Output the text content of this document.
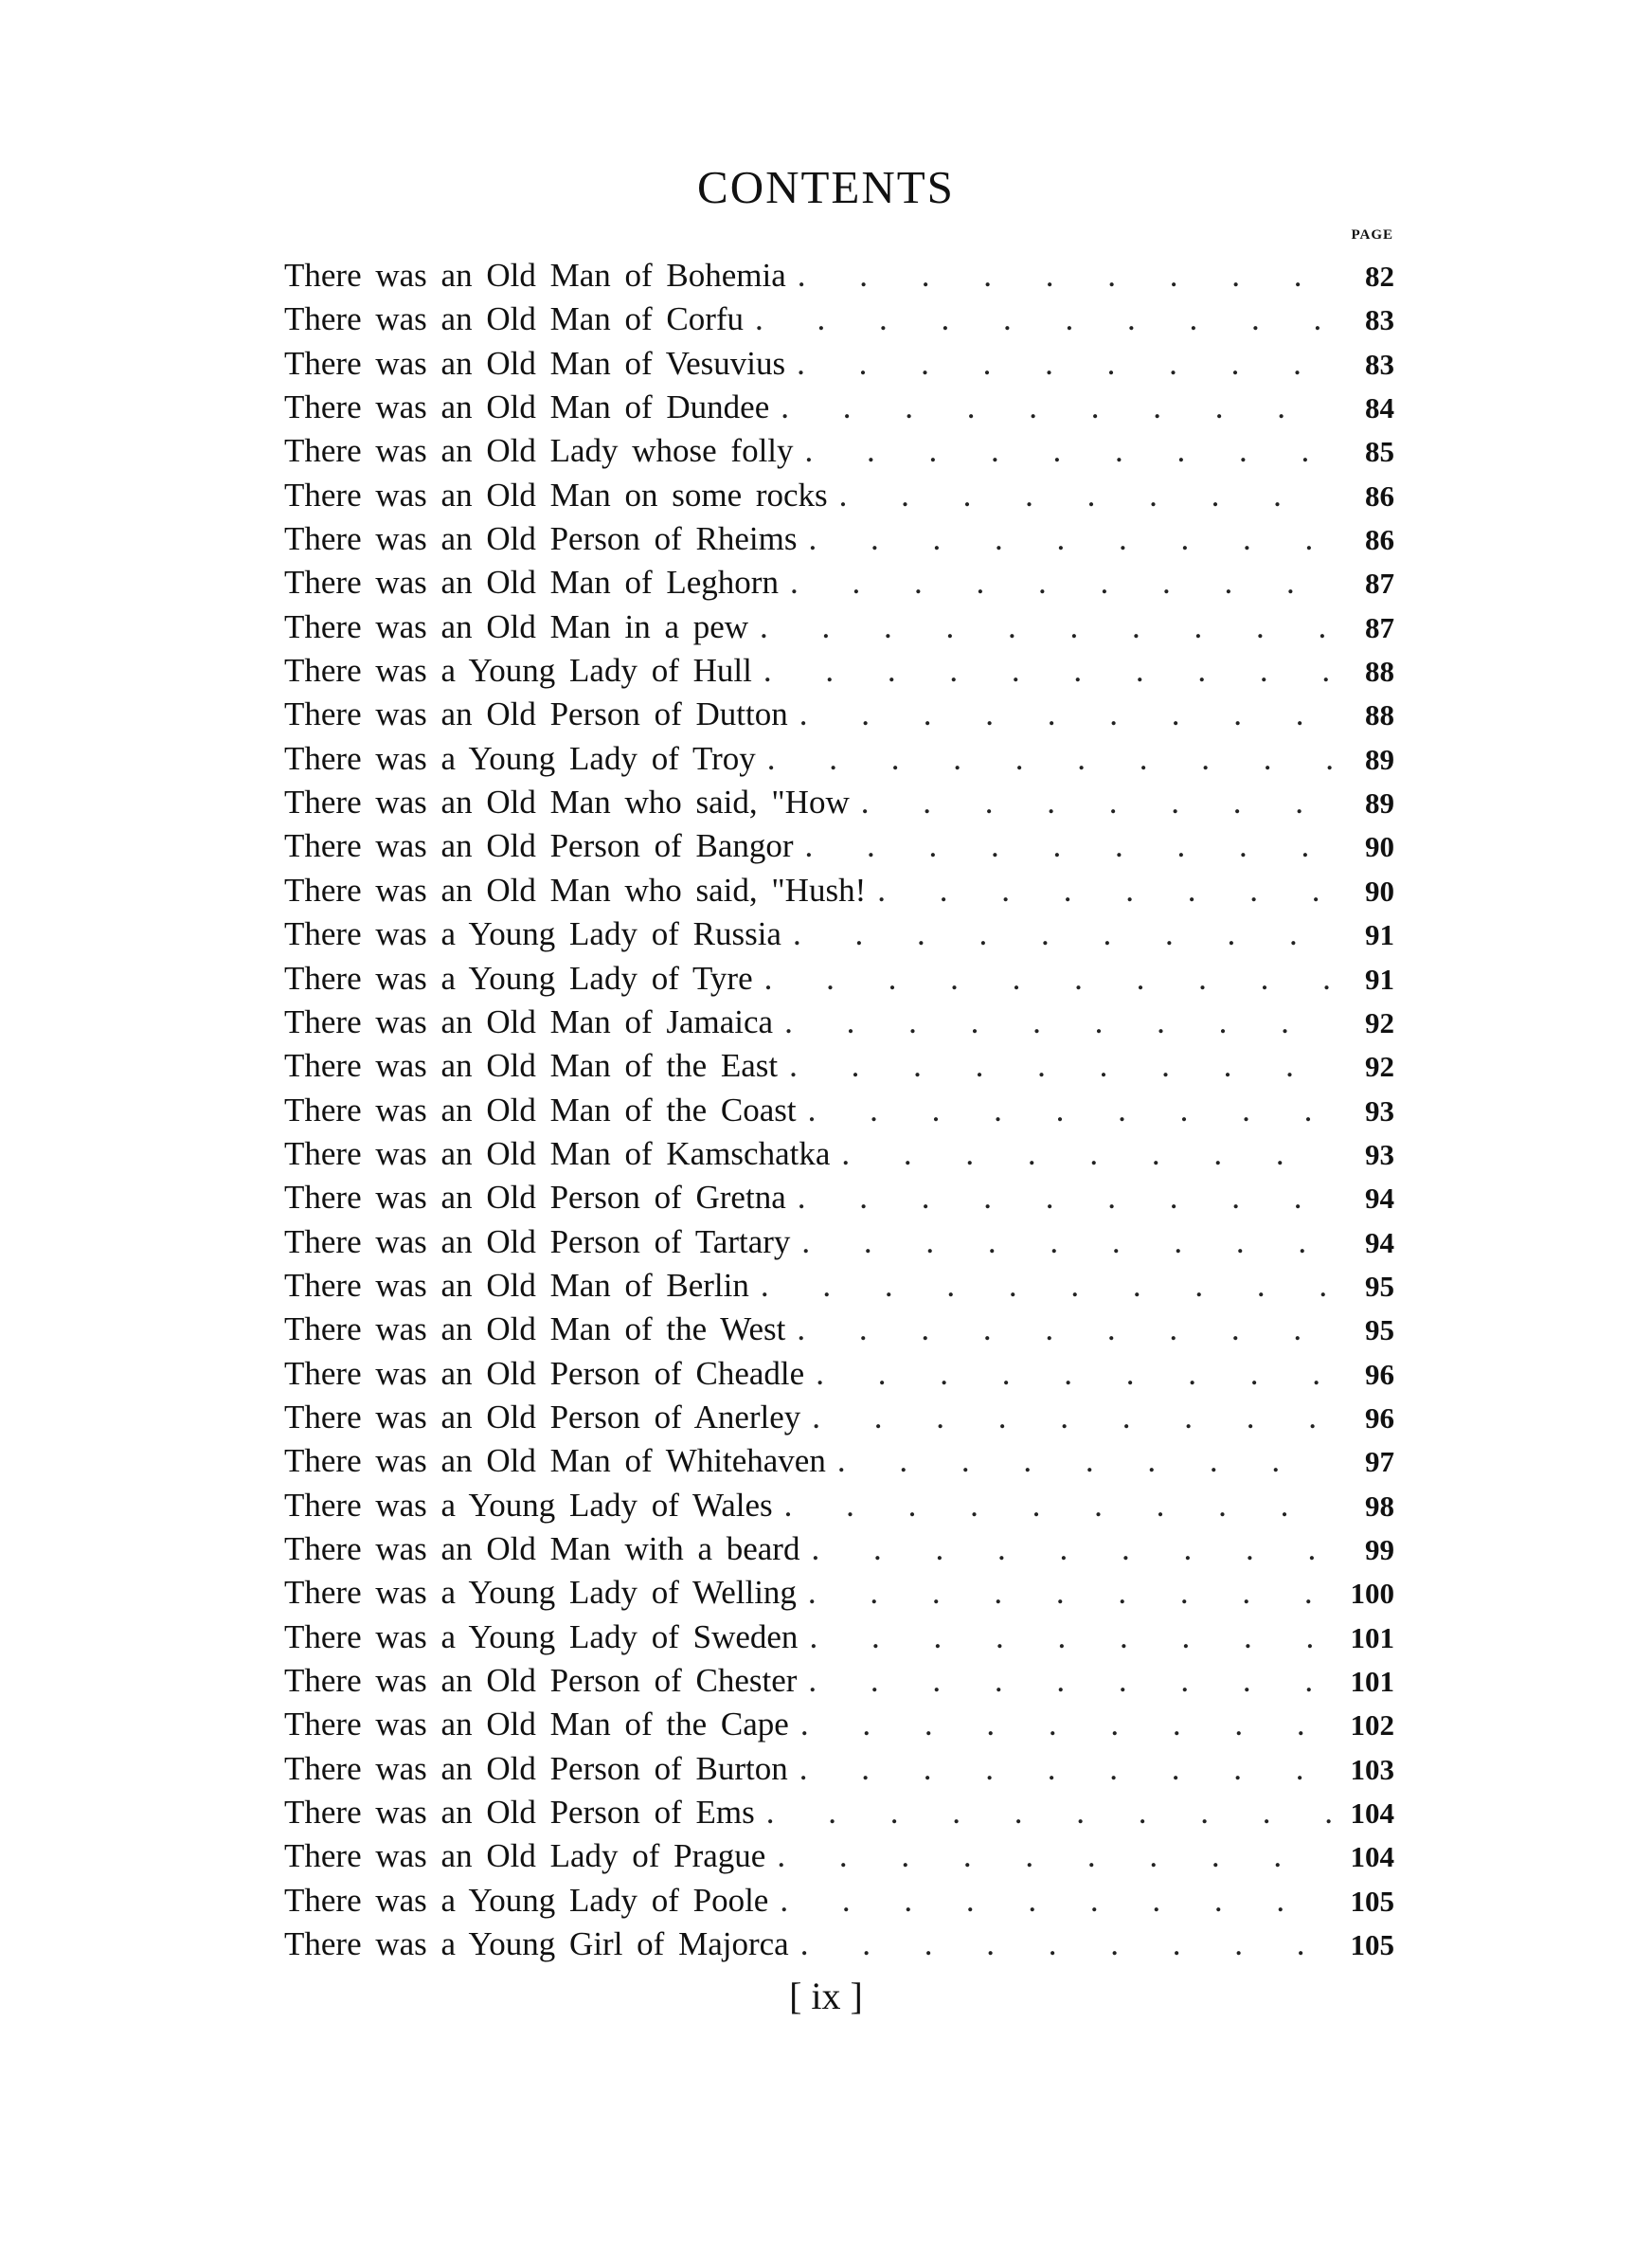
CONTENTS
PAGE
There was an Old Man of Bohemia . . .	82
There was an Old Man of Corfu . . .	83
There was an Old Man of Vesuvius . . .	83
There was an Old Man of Dundee . . .	84
There was an Old Lady whose folly . . .	85
There was an Old Man on some rocks . . .	86
There was an Old Person of Rheims . . .	86
There was an Old Man of Leghorn . . .	87
There was an Old Man in a pew . . .	87
There was a Young Lady of Hull . . .	88
There was an Old Person of Dutton . . .	88
There was a Young Lady of Troy . . .	89
There was an Old Man who said, "How . . .	89
There was an Old Person of Bangor . . .	90
There was an Old Man who said, "Hush! . . .	90
There was a Young Lady of Russia . . .	91
There was a Young Lady of Tyre . . .	91
There was an Old Man of Jamaica . . .	92
There was an Old Man of the East . . .	92
There was an Old Man of the Coast . . .	93
There was an Old Man of Kamschatka . . .	93
There was an Old Person of Gretna . . .	94
There was an Old Person of Tartary . . .	94
There was an Old Man of Berlin . . .	95
There was an Old Man of the West . . .	95
There was an Old Person of Cheadle . . .	96
There was an Old Person of Anerley . . .	96
There was an Old Man of Whitehaven . . .	97
There was a Young Lady of Wales . . .	98
There was an Old Man with a beard . . .	99
There was a Young Lady of Welling . . .	100
There was a Young Lady of Sweden . . .	101
There was an Old Person of Chester . . .	101
There was an Old Man of the Cape . . .	102
There was an Old Person of Burton . . .	103
There was an Old Person of Ems . . .	104
There was an Old Lady of Prague . . .	104
There was a Young Lady of Poole . . .	105
There was a Young Girl of Majorca . . .	105
[ ix ]
